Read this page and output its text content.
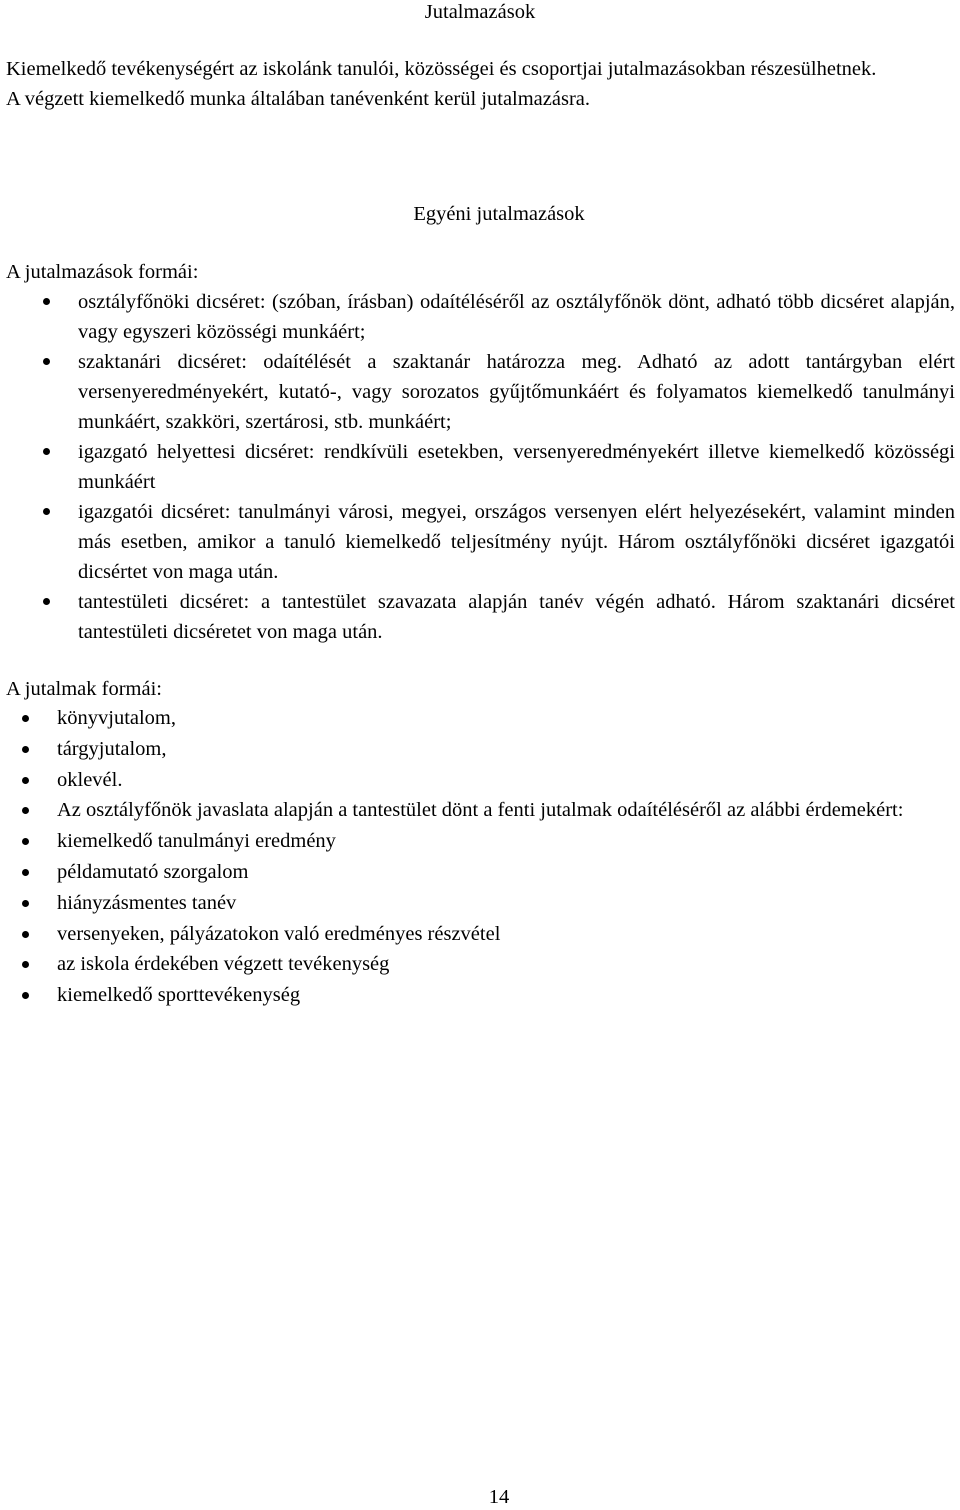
Jutalmazások

Kiemelkedő tevékenységért az iskolánk tanulói, közösségei és csoportjai jutalmazásokban részesülhetnek.

A végzett kiemelkedő munka általában tanévenként kerül jutalmazásra.

Egyéni jutalmazások
A jutalmazások formái:
osztályfőnöki dicséret: (szóban, írásban) odaítéléséről az osztályfőnök dönt, adható több dicséret alapján, vagy egyszeri közösségi munkáért;
szaktanári dicséret: odaítélését a szaktanár határozza meg. Adható az adott tantárgyban elért versenyeredményekért, kutató-, vagy sorozatos gyűjtőmunkáért és folyamatos kiemelkedő tanulmányi munkáért, szakköri, szertárosi, stb. munkáért;
igazgató helyettesi dicséret: rendkívüli esetekben, versenyeredményekért illetve kiemelkedő közösségi munkáért
igazgatói dicséret: tanulmányi városi, megyei, országos versenyen elért helyezésekért, valamint minden más esetben, amikor a tanuló kiemelkedő teljesítmény nyújt. Három osztályfőnöki dicséret igazgatói dicsértet von maga után.
tantestületi dicséret: a tantestület szavazata alapján tanév végén adható. Három szaktanári dicséret tantestületi dicséretet von maga után.
A jutalmak formái:
könyvjutalom,
tárgyjutalom,
oklevél.
Az osztályfőnök javaslata alapján a tantestület dönt a fenti jutalmak odaítéléséről az alábbi érdemekért:
kiemelkedő tanulmányi eredmény
példamutató szorgalom
hiányzásmentes tanév
versenyeken, pályázatokon való eredményes részvétel
az iskola érdekében végzett tevékenység
kiemelkedő sporttevékenység
14
